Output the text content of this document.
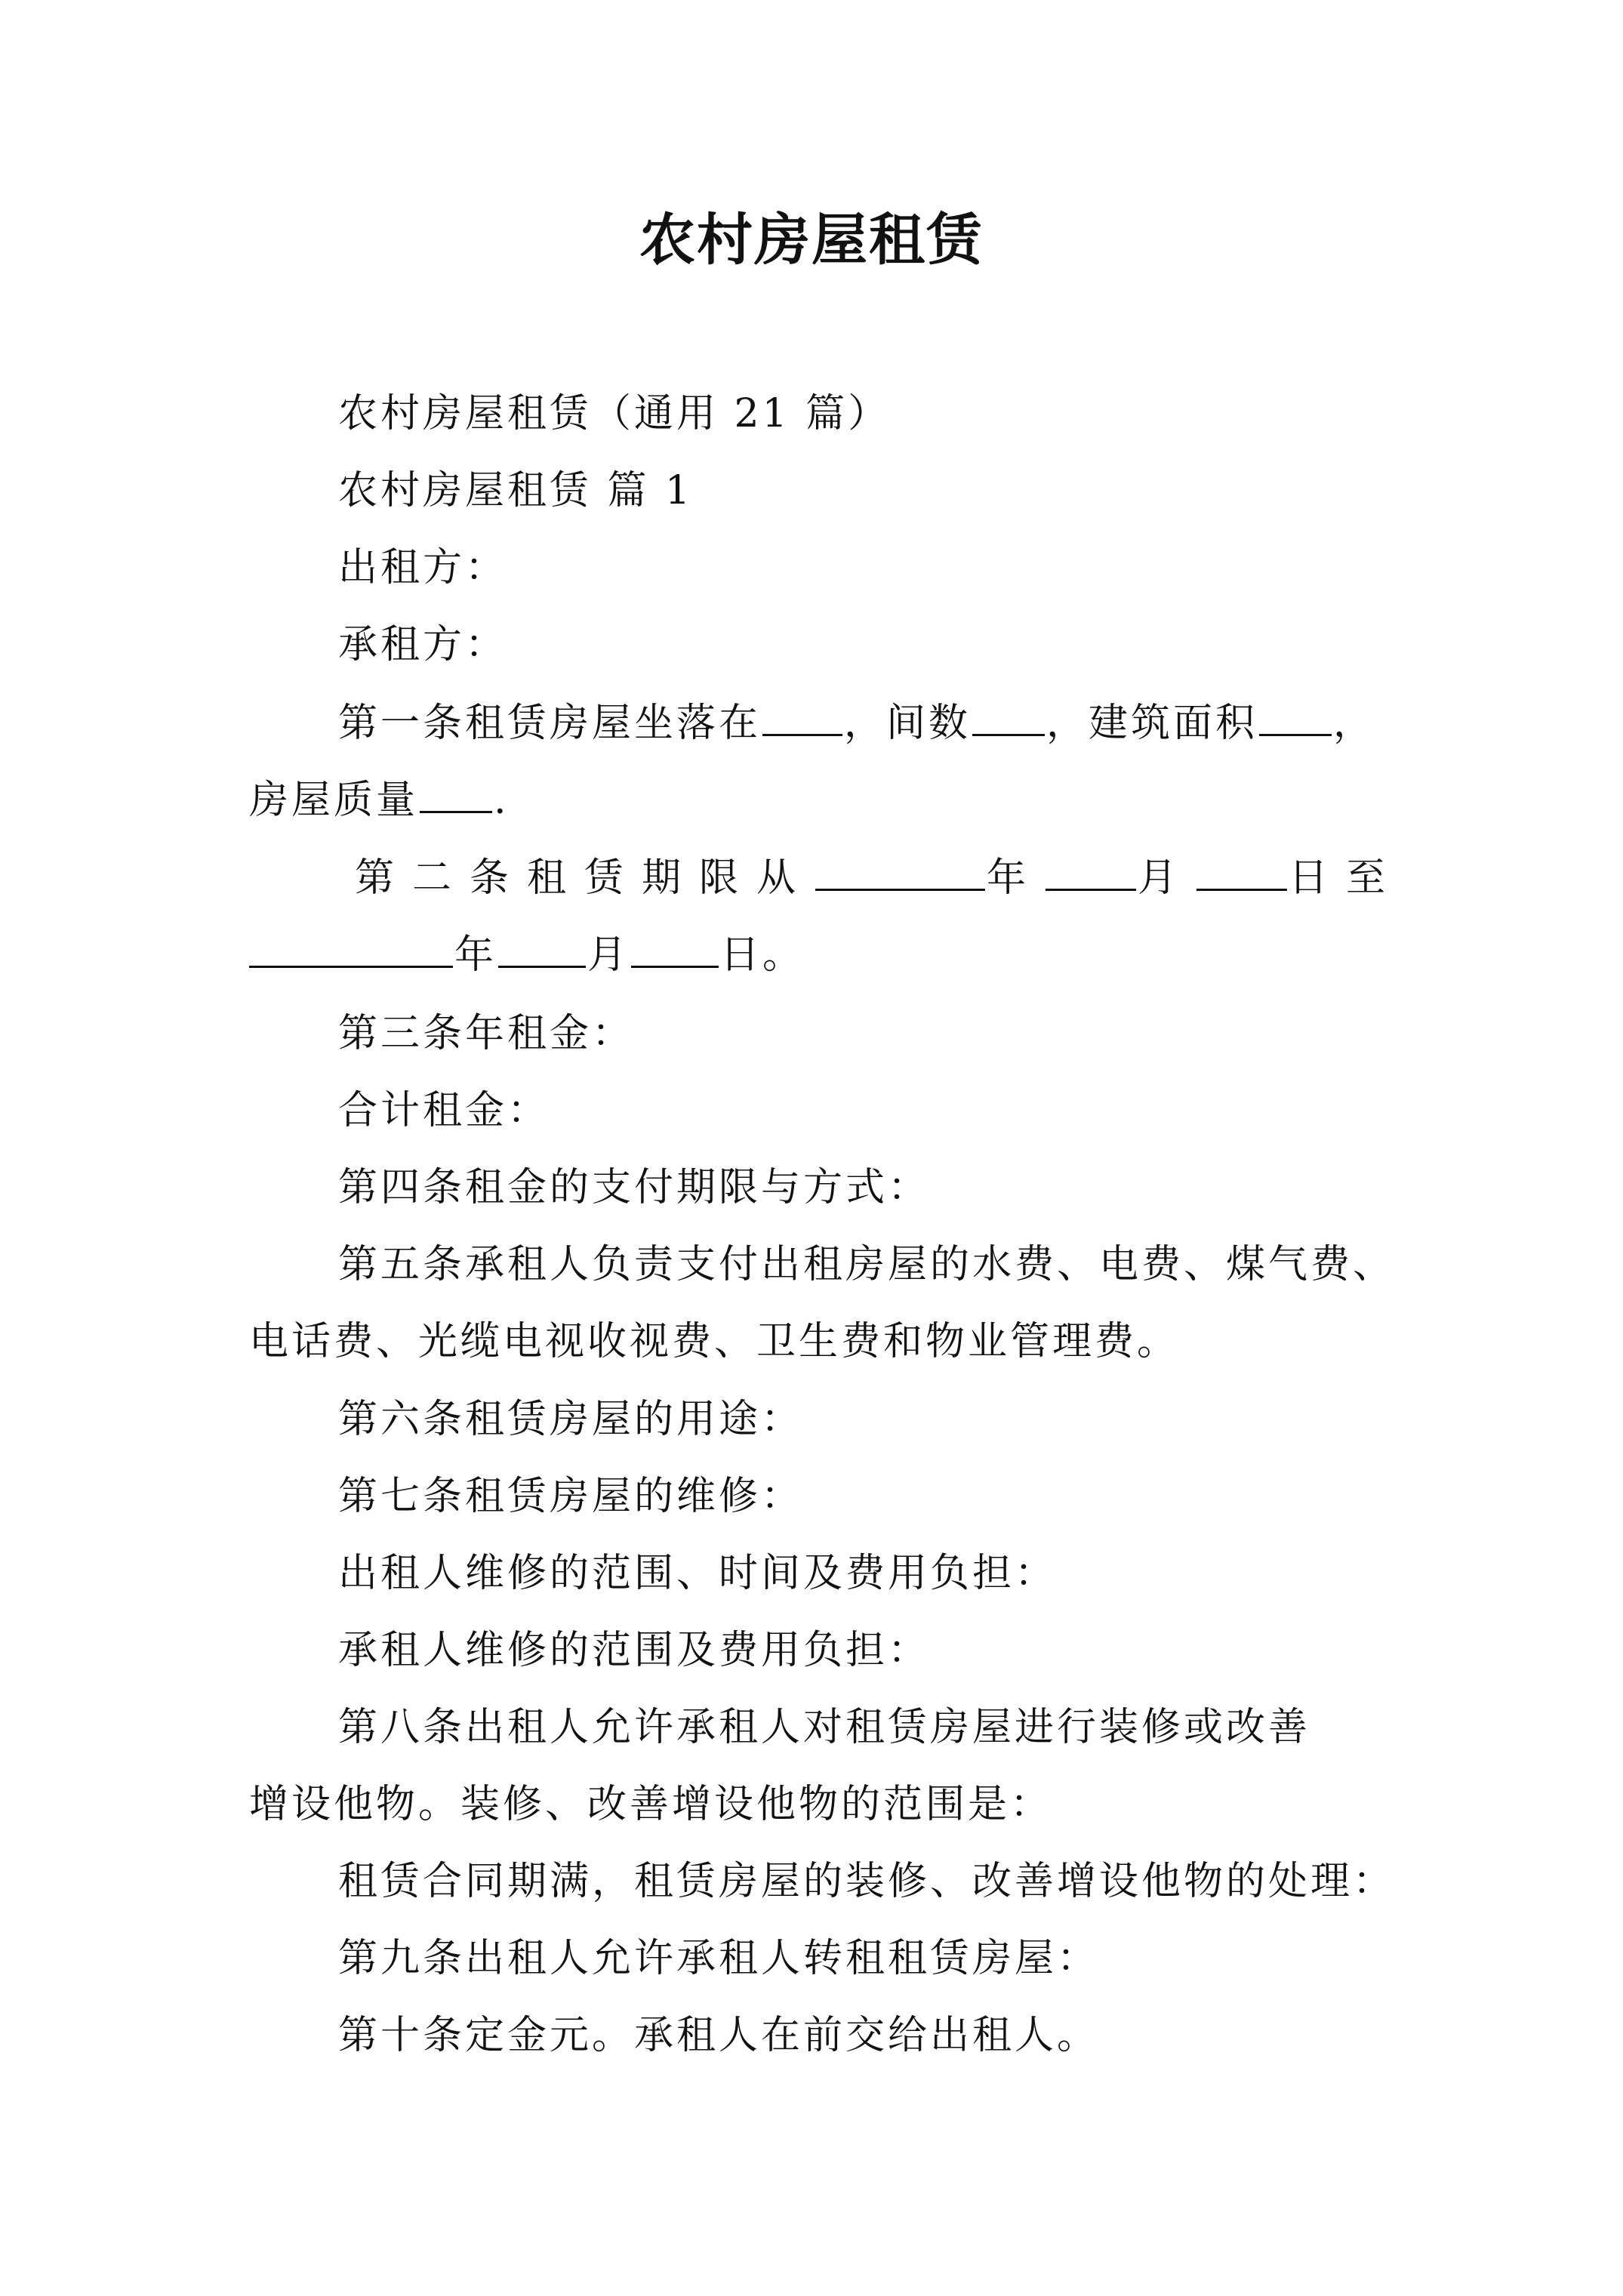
农村房屋租赁
农村房屋租赁（通用 21 篇）
农村房屋租赁 篇 1
出租方：
承租方：
第一条租赁房屋坐落在 ，间数 ，建筑面积 ，
房屋质量 .
第二条租赁期限从	年 月 日至
年 月 日。
第三条年租金：
合计租金：
第四条租金的支付期限与方式：
第五条承租人负责支付出租房屋的水费、电费、煤气费、
电话费、光缆电视收视费、卫生费和物业管理费。
第六条租赁房屋的用途：
第七条租赁房屋的维修：
出租人维修的范围、时间及费用负担：
承租人维修的范围及费用负担：
第八条出租人允许承租人对租赁房屋进行装修或改善
增设他物。装修、改善增设他物的范围是：
租赁合同期满，租赁房屋的装修、改善增设他物的处理：
第九条出租人允许承租人转租租赁房屋：
第十条定金元。承租人在前交给出租人。
